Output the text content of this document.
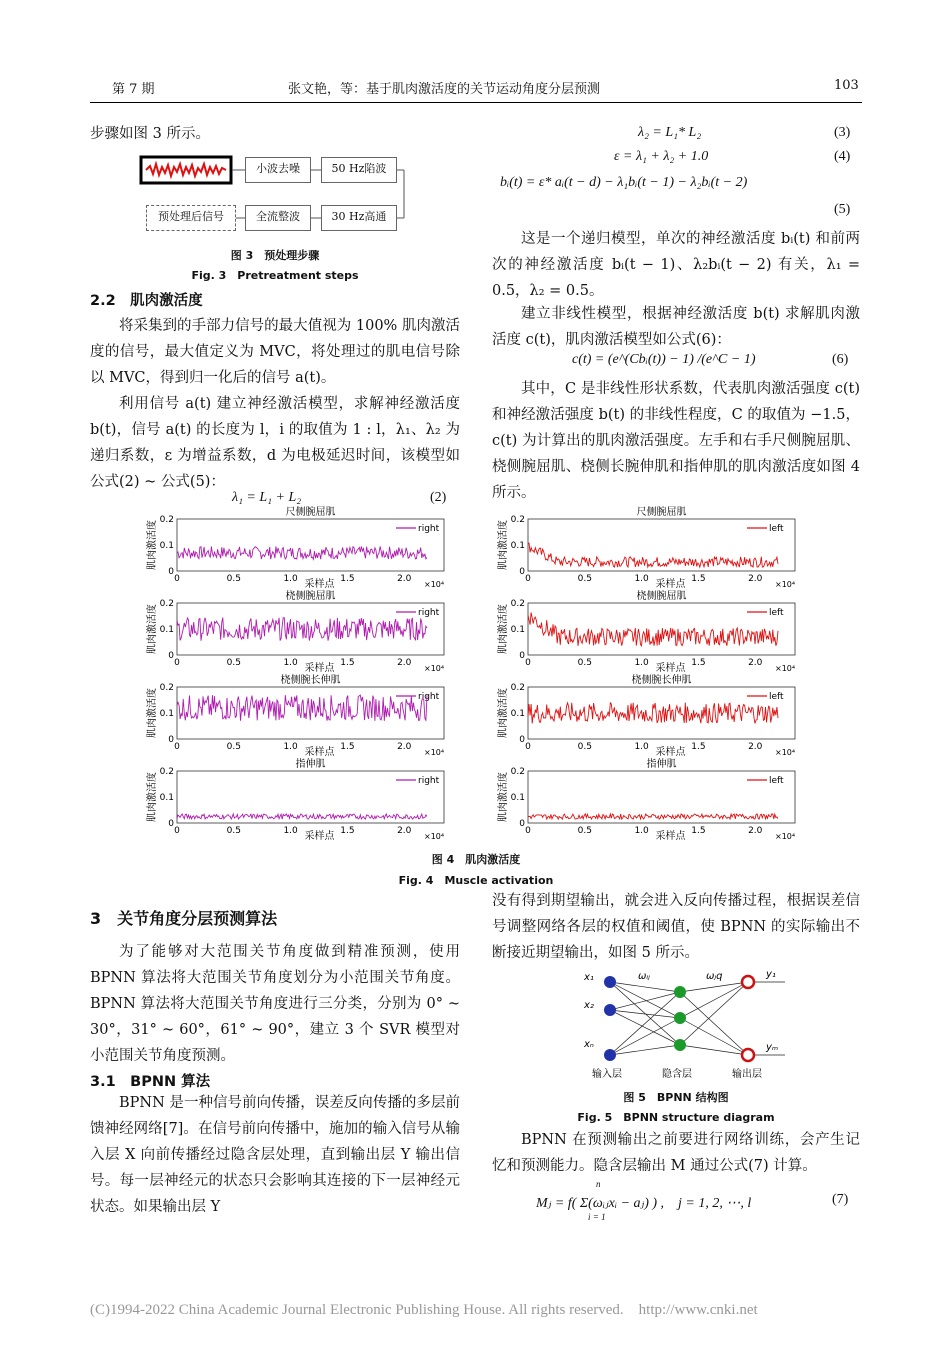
第 7 期	张文艳，等：基于肌肉激活度的关节运动角度分层预测	103

步骤如图 3 所示。

小波去噪	50 Hz陷波
预处理后信号	全流整波	30 Hz高通
图 3　预处理步骤
Fig. 3　Pretreatment steps
2.2　肌肉激活度

将采集到的手部力信号的最大值视为 100% 肌肉激活度的信号，最大值定义为 MVC，将处理过的肌电信号除以 MVC，得到归一化后的信号 a(t)。

利用信号 a(t) 建立神经激活模型，求解神经激活度 b(t)，信号 a(t) 的长度为 l，i 的取值为 1 : l，λ₁、λ₂ 为递归系数，ε 为增益系数，d 为电极延迟时间，该模型如公式(2) ~ 公式(5)：

λ₁ = L₁ + L₂	(2)
λ₂ = L₁* L₂	(3)
ε = λ₁ + λ₂ + 1.0	(4)
bᵢ(t) = ε* aᵢ(t − d) − λ₁bᵢ(t − 1) − λ₂bᵢ(t − 2)
(5)

这是一个递归模型，单次的神经激活度 bᵢ(t) 和前两次的神经激活度 bᵢ(t − 1)、λ₂bᵢ(t − 2) 有关，λ₁ = 0.5，λ₂ = 0.5。

建立非线性模型，根据神经激活度 b(t) 求解肌肉激活度 c(t)，肌肉激活模型如公式(6)：

c(t) = (e^(Cbᵢ(t)) − 1) /(e^C − 1)	(6)

其中，C 是非线性形状系数，代表肌肉激活强度 c(t) 和神经激活强度 b(t) 的非线性程度，C 的取值为 −1.5，c(t) 为计算出的肌肉激活强度。左手和右手尺侧腕屈肌、桡侧腕屈肌、桡侧长腕伸肌和指伸肌的肌肉激活度如图 4 所示。

尺侧腕屈肌
0
0.1
0.2
0	0.5	1.0	1.5	2.0
×10⁴
采样点
肌肉激活度	right
尺侧腕屈肌
0
0.1
0.2
0	0.5	1.0	1.5	2.0
×10⁴
采样点
肌肉激活度	left
桡侧腕屈肌
0
0.1
0.2
0	0.5	1.0	1.5	2.0
×10⁴
采样点
肌肉激活度	right
桡侧腕屈肌
0
0.1
0.2
0	0.5	1.0	1.5	2.0
×10⁴
采样点
肌肉激活度	left
桡侧腕长伸肌
0
0.1
0.2
0	0.5	1.0	1.5	2.0
×10⁴
采样点
肌肉激活度	right
桡侧腕长伸肌
0
0.1
0.2
0	0.5	1.0	1.5	2.0
×10⁴
采样点
肌肉激活度	left
指伸肌
0
0.1
0.2
0	0.5	1.0	1.5	2.0
×10⁴
采样点
肌肉激活度	right
指伸肌
0
0.1
0.2
0	0.5	1.0	1.5	2.0
×10⁴
采样点
肌肉激活度	left
图 4　肌肉激活度
Fig. 4　Muscle activation
3　关节角度分层预测算法

为了能够对大范围关节角度做到精准预测，使用 BPNN 算法将大范围关节角度划分为小范围关节角度。BPNN 算法将大范围关节角度进行三分类，分别为 0° ~ 30°，31° ~ 60°，61° ~ 90°，建立 3 个 SVR 模型对小范围关节角度预测。

3.1　BPNN 算法

BPNN 是一种信号前向传播，误差反向传播的多层前馈神经网络[7]。在信号前向传播中，施加的输入信号从输入层 X 向前传播经过隐含层处理，直到输出层 Y 输出信号。每一层神经元的状态只会影响其连接的下一层神经元状态。如果输出层 Y

没有得到期望输出，就会进入反向传播过程，根据误差信号调整网络各层的权值和阈值，使 BPNN 的实际输出不断接近期望输出，如图 5 所示。

x₁
x₂
xₙ
y₁
yₘ
ωᵢⱼ	ωⱼq
输入层	隐含层	输出层
图 5　BPNN 结构图
Fig. 5　BPNN structure diagram

BPNN 在预测输出之前要进行网络训练，会产生记忆和预测能力。隐含层输出 M 通过公式(7) 计算。

Mⱼ = f( Σ(ωᵢⱼxᵢ − aⱼ) ) ,　j = 1, 2, ⋯, l
n
i = 1
(7)
(C)1994-2022 China Academic Journal Electronic Publishing House. All rights reserved.　http://www.cnki.net
